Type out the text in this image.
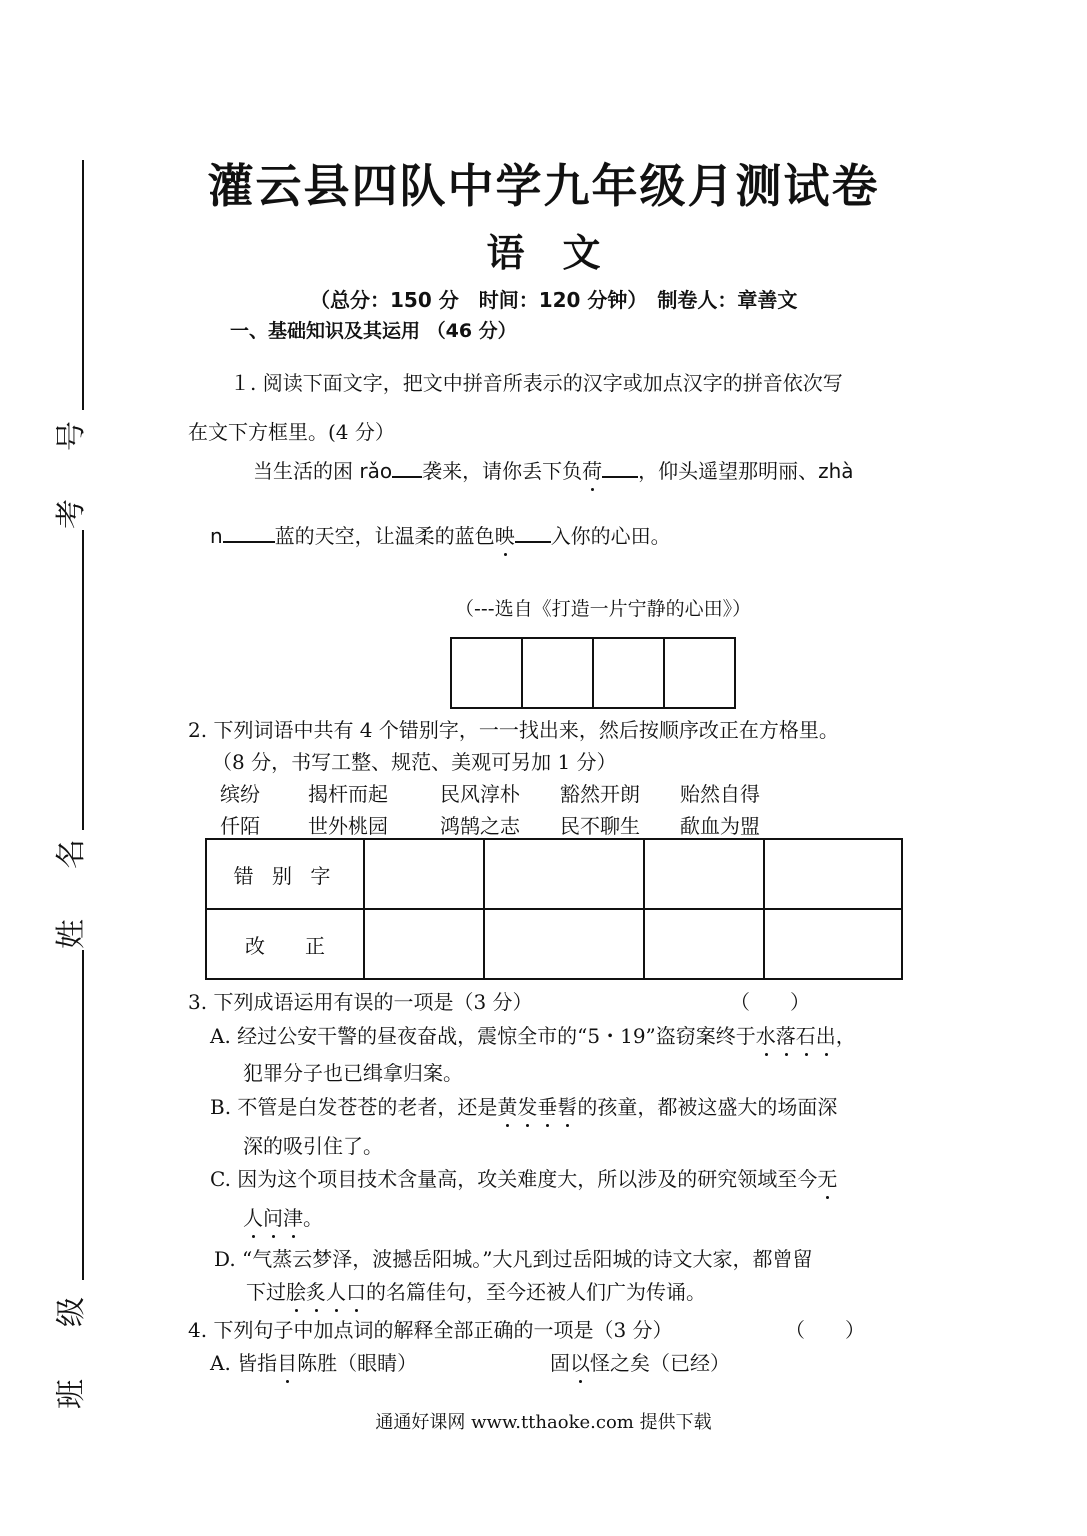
号
考
名
姓
级
班
灌云县四队中学九年级月测试卷
语　文
（总分：150 分　时间：120 分钟）　制卷人：章善文
一、基础知识及其运用 （46 分）
１. 阅读下面文字，把文中拼音所表示的汉字或加点汉字的拼音依次写
在文下方框里。(4 分）
当生活的困 rǎo 袭来，请你丢下负荷 ，仰头遥望那明丽、zhà
n	蓝的天空，让温柔的蓝色映 入你的心田。
（---选自《打造一片宁静的心田》）
2. 下列词语中共有 4 个错别字，一一找出来，然后按顺序改正在方格里。
（8 分，书写工整、规范、美观可另加 1 分）
缤纷 揭杆而起	民风淳朴 豁然开朗 贻然自得
仟陌 世外桃园	鸿鹄之志 民不聊生 歃血为盟
错 别 字				
改　　正				
3. 下列成语运用有误的一项是（3 分）	（　　）
A. 经过公安干警的昼夜奋战，震惊全市的“5・19”盗窃案终于水落石出，
犯罪分子也已缉拿归案。
B. 不管是白发苍苍的老者，还是黄发垂髫的孩童，都被这盛大的场面深
深的吸引住了。
C. 因为这个项目技术含量高，攻关难度大，所以涉及的研究领域至今无
人问津。
D. “气蒸云梦泽，波撼岳阳城。”大凡到过岳阳城的诗文大家，都曾留
下过脍炙人口的名篇佳句，至今还被人们广为传诵。
4. 下列句子中加点词的解释全部正确的一项是（3 分）	（　　）
A. 皆指目陈胜（眼睛）	固以怪之矣（已经）
通通好课网 www.tthaoke.com 提供下载
